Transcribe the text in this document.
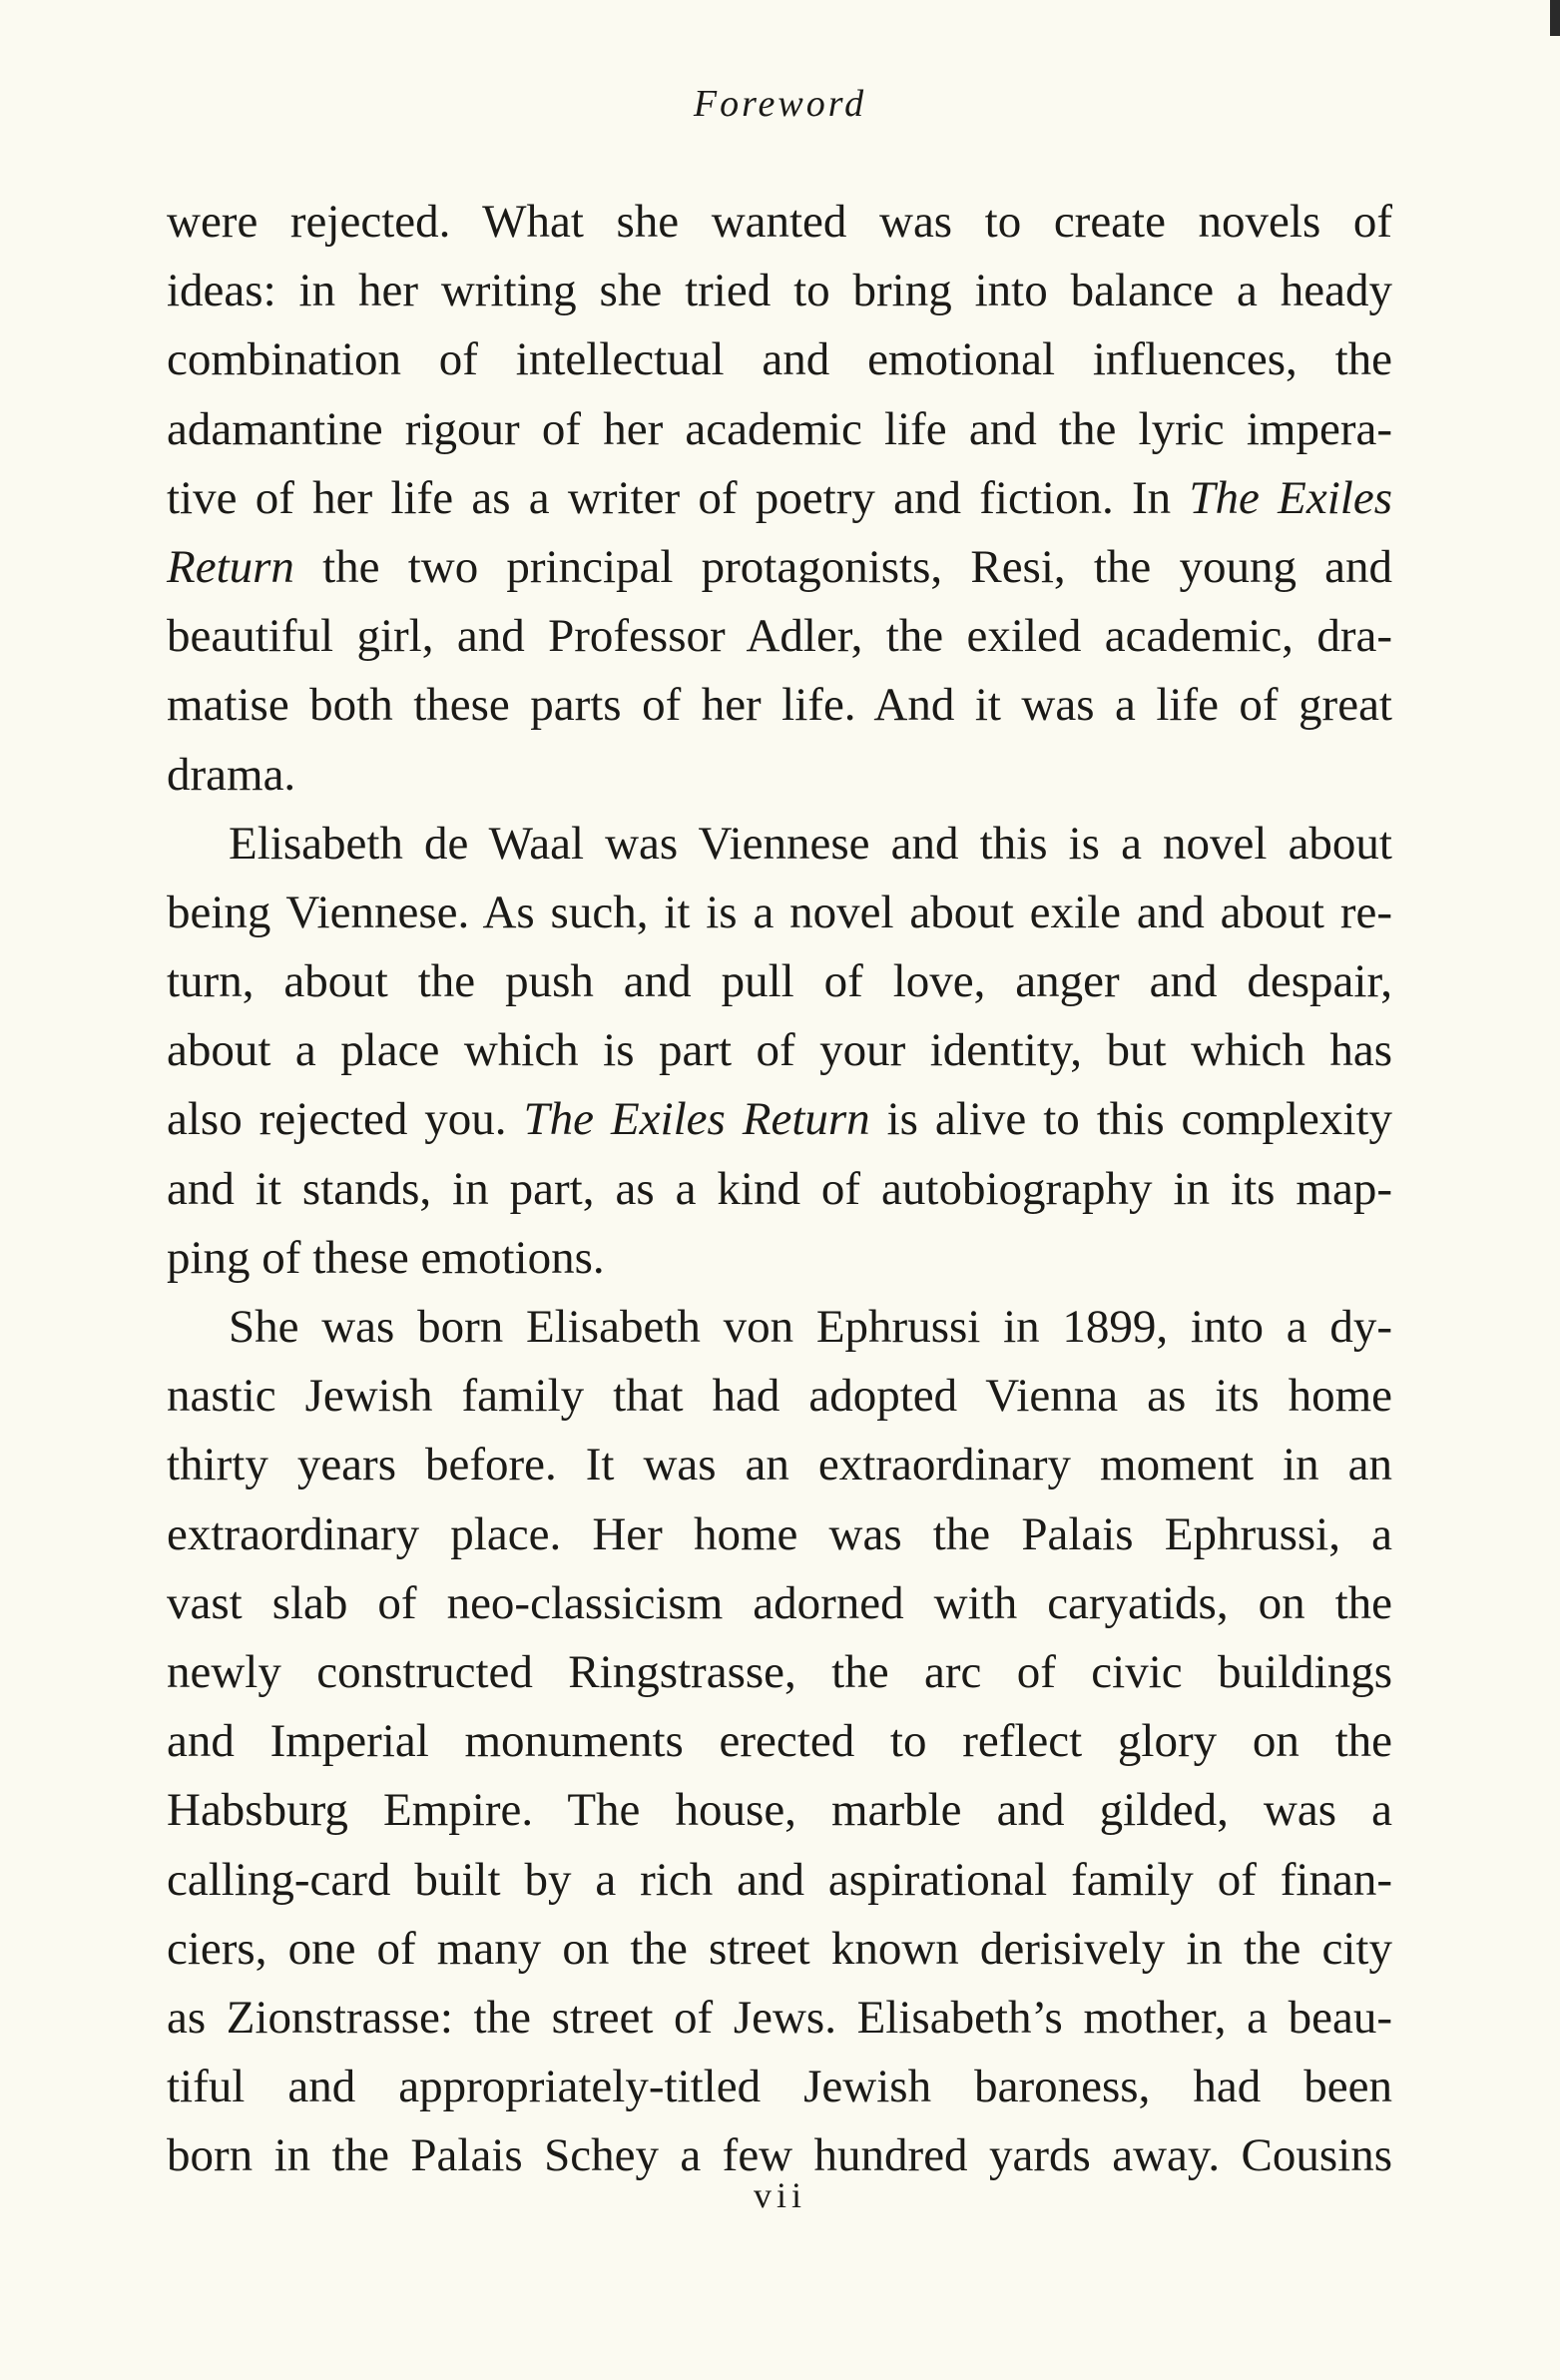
Foreword
were rejected. What she wanted was to create novels of
ideas: in her writing she tried to bring into balance a heady
combination of intellectual and emotional influences, the
adamantine rigour of her academic life and the lyric impera-
tive of her life as a writer of poetry and fiction. In The Exiles
Return the two principal protagonists, Resi, the young and
beautiful girl, and Professor Adler, the exiled academic, dra-
matise both these parts of her life. And it was a life of great
drama.
Elisabeth de Waal was Viennese and this is a novel about
being Viennese. As such, it is a novel about exile and about re-
turn, about the push and pull of love, anger and despair,
about a place which is part of your identity, but which has
also rejected you. The Exiles Return is alive to this complexity
and it stands, in part, as a kind of autobiography in its map-
ping of these emotions.
She was born Elisabeth von Ephrussi in 1899, into a dy-
nastic Jewish family that had adopted Vienna as its home
thirty years before. It was an extraordinary moment in an
extraordinary place. Her home was the Palais Ephrussi, a
vast slab of neo-classicism adorned with caryatids, on the
newly constructed Ringstrasse, the arc of civic buildings
and Imperial monuments erected to reflect glory on the
Habsburg Empire. The house, marble and gilded, was a
calling-card built by a rich and aspirational family of finan-
ciers, one of many on the street known derisively in the city
as Zionstrasse: the street of Jews. Elisabeth’s mother, a beau-
tiful and appropriately-titled Jewish baroness, had been
born in the Palais Schey a few hundred yards away. Cousins
vii
